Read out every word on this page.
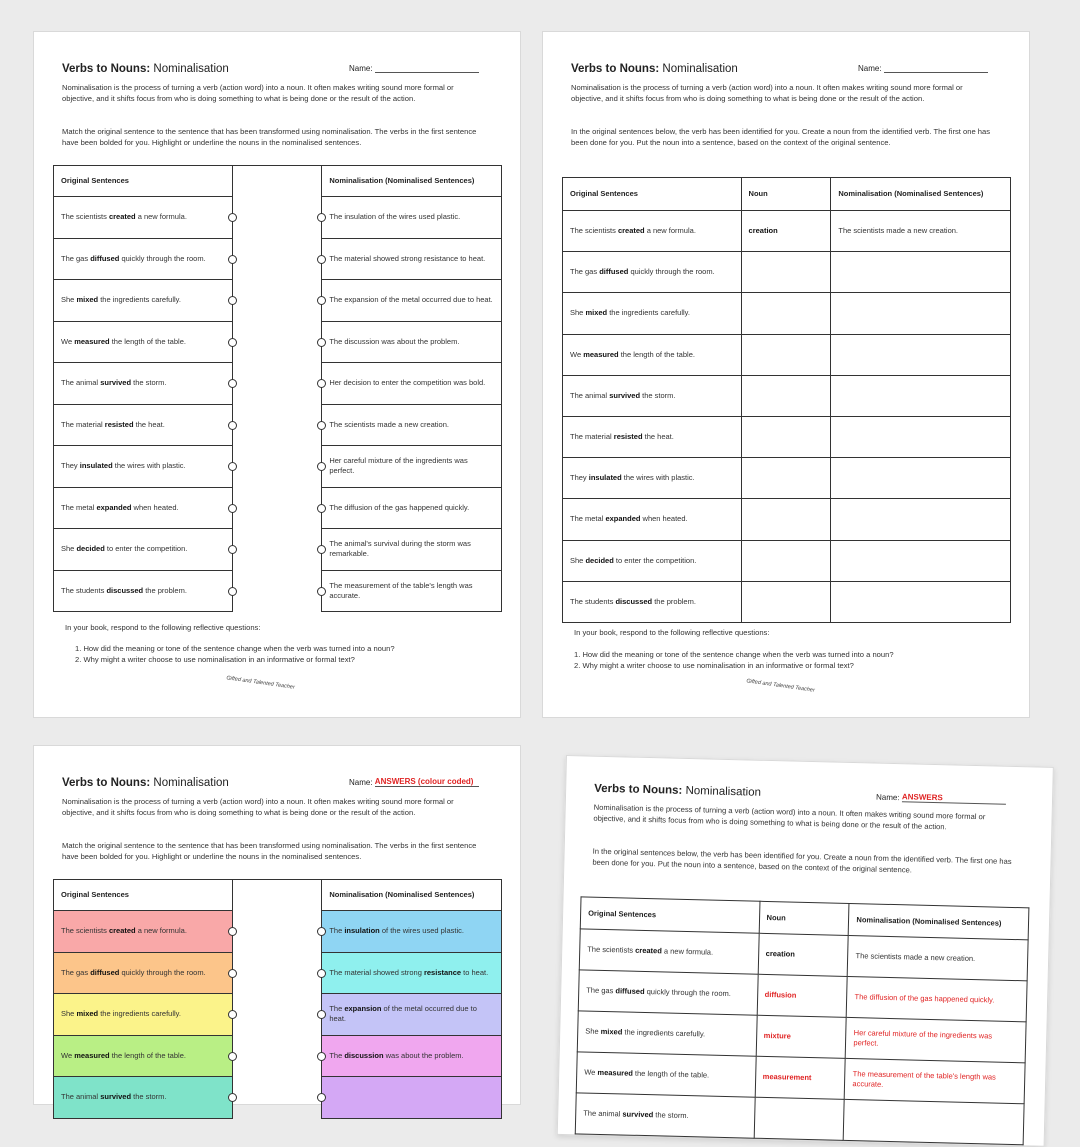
Verbs to Nouns: Nominalisation	Name:
Nominalisation is the process of turning a verb (action word) into a noun. It often makes writing sound more formal or objective, and it shifts focus from who is doing something to what is being done or the result of the action.
Match the original sentence to the sentence that has been transformed using nominalisation. The verbs in the first sentence have been bolded for you. Highlight or underline the nouns in the nominalised sentences.
Original Sentences		Nominalisation (Nominalised Sentences)
The scientists created a new formula.		The insulation of the wires used plastic.
The gas diffused quickly through the room.		The material showed strong resistance to heat.
She mixed the ingredients carefully.		The expansion of the metal occurred due to heat.
We measured the length of the table.		The discussion was about the problem.
The animal survived the storm.		Her decision to enter the competition was bold.
The material resisted the heat.		The scientists made a new creation.
They insulated the wires with plastic.		Her careful mixture of the ingredients was perfect.
The metal expanded when heated.		The diffusion of the gas happened quickly.
She decided to enter the competition.		The animal's survival during the storm was remarkable.
The students discussed the problem.		The measurement of the table's length was accurate.
In your book, respond to the following reflective questions:
1. How did the meaning or tone of the sentence change when the verb was turned into a noun?
2. Why might a writer choose to use nominalisation in an informative or formal text?
Gifted and Talented Teacher
Verbs to Nouns: Nominalisation	Name:
Nominalisation is the process of turning a verb (action word) into a noun. It often makes writing sound more formal or objective, and it shifts focus from who is doing something to what is being done or the result of the action.
In the original sentences below, the verb has been identified for you. Create a noun from the identified verb. The first one has been done for you. Put the noun into a sentence, based on the context of the original sentence.
Original Sentences	Noun	Nominalisation (Nominalised Sentences)
The scientists created a new formula.	creation	The scientists made a new creation.
The gas diffused quickly through the room.		
She mixed the ingredients carefully.		
We measured the length of the table.		
The animal survived the storm.		
The material resisted the heat.		
They insulated the wires with plastic.		
The metal expanded when heated.		
She decided to enter the competition.		
The students discussed the problem.		
In your book, respond to the following reflective questions:
1. How did the meaning or tone of the sentence change when the verb was turned into a noun?
2. Why might a writer choose to use nominalisation in an informative or formal text?
Gifted and Talented Teacher
Verbs to Nouns: Nominalisation	Name: ANSWERS (colour coded)
Nominalisation is the process of turning a verb (action word) into a noun. It often makes writing sound more formal or objective, and it shifts focus from who is doing something to what is being done or the result of the action.
Match the original sentence to the sentence that has been transformed using nominalisation. The verbs in the first sentence have been bolded for you. Highlight or underline the nouns in the nominalised sentences.
Original Sentences		Nominalisation (Nominalised Sentences)
The scientists created a new formula.		The insulation of the wires used plastic.
The gas diffused quickly through the room.		The material showed strong resistance to heat.
She mixed the ingredients carefully.		The expansion of the metal occurred due to heat.
We measured the length of the table.		The discussion was about the problem.
The animal survived the storm.	

Verbs to Nouns: Nominalisation	Name: ANSWERS
Nominalisation is the process of turning a verb (action word) into a noun. It often makes writing sound more formal or objective, and it shifts focus from who is doing something to what is being done or the result of the action.
In the original sentences below, the verb has been identified for you. Create a noun from the identified verb. The first one has been done for you. Put the noun into a sentence, based on the context of the original sentence.
Original Sentences	Noun	Nominalisation (Nominalised Sentences)
The scientists created a new formula.	creation	The scientists made a new creation.
The gas diffused quickly through the room.	diffusion	The diffusion of the gas happened quickly.
She mixed the ingredients carefully.	mixture	Her careful mixture of the ingredients was perfect.
We measured the length of the table.	measurement	The measurement of the table's length was accurate.
The animal survived the storm.		
